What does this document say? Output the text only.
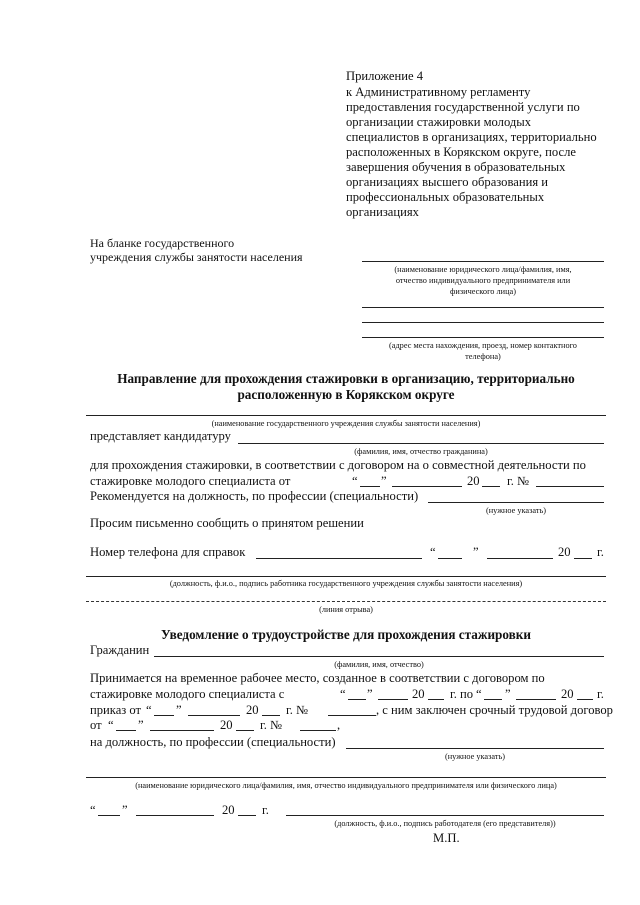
Приложение 4
к Административному регламенту
предоставления государственной услуги по
организации стажировки молодых
специалистов в организациях, территориально
расположенных в Корякском округе, после
завершения обучения в образовательных
организациях высшего образования и
профессиональных образовательных
организациях
На бланке государственного
учреждения службы занятости населения
(наименование юридического лица/фамилия, имя,
отчество индивидуального предпринимателя или
физического лица)
(адрес места нахождения, проезд, номер контактного
телефона)
Направление для прохождения стажировки в организацию, территориально
расположенную в Корякском округе
(наименование государственного учреждения службы занятости населения)
представляет кандидатуру
(фамилия, имя, отчество гражданина)
для прохождения стажировки, в соответствии с договором на о совместной деятельности по
стажировке молодого специалиста от	“ ”	20 г. №
Рекомендуется на должность, по профессии (специальности)
(нужное указать)
Просим письменно сообщить о принятом решении
Номер телефона для справок	“	”	20 г.
(должность, ф.и.о., подпись работника государственного учреждения службы занятости населения)
(линия отрыва)
Уведомление о трудоустройстве для прохождения стажировки
Гражданин
(фамилия, имя, отчество)
Принимается на временное рабочее место, созданное в соответствии с договором по
стажировке молодого специалиста с	“ ”	20 г. по “ ”	20 г.
приказ от “ ”	20 г. №	, с ним заключен срочный трудовой договор
от “ ”	20 г. №	,
на должность, по профессии (специальности)
(нужное указать)
(наименование юридического лица/фамилия, имя, отчество индивидуального предпринимателя или физического лица)
“ ”	20 г.
(должность, ф.и.о., подпись работодателя (его представителя))
М.П.
